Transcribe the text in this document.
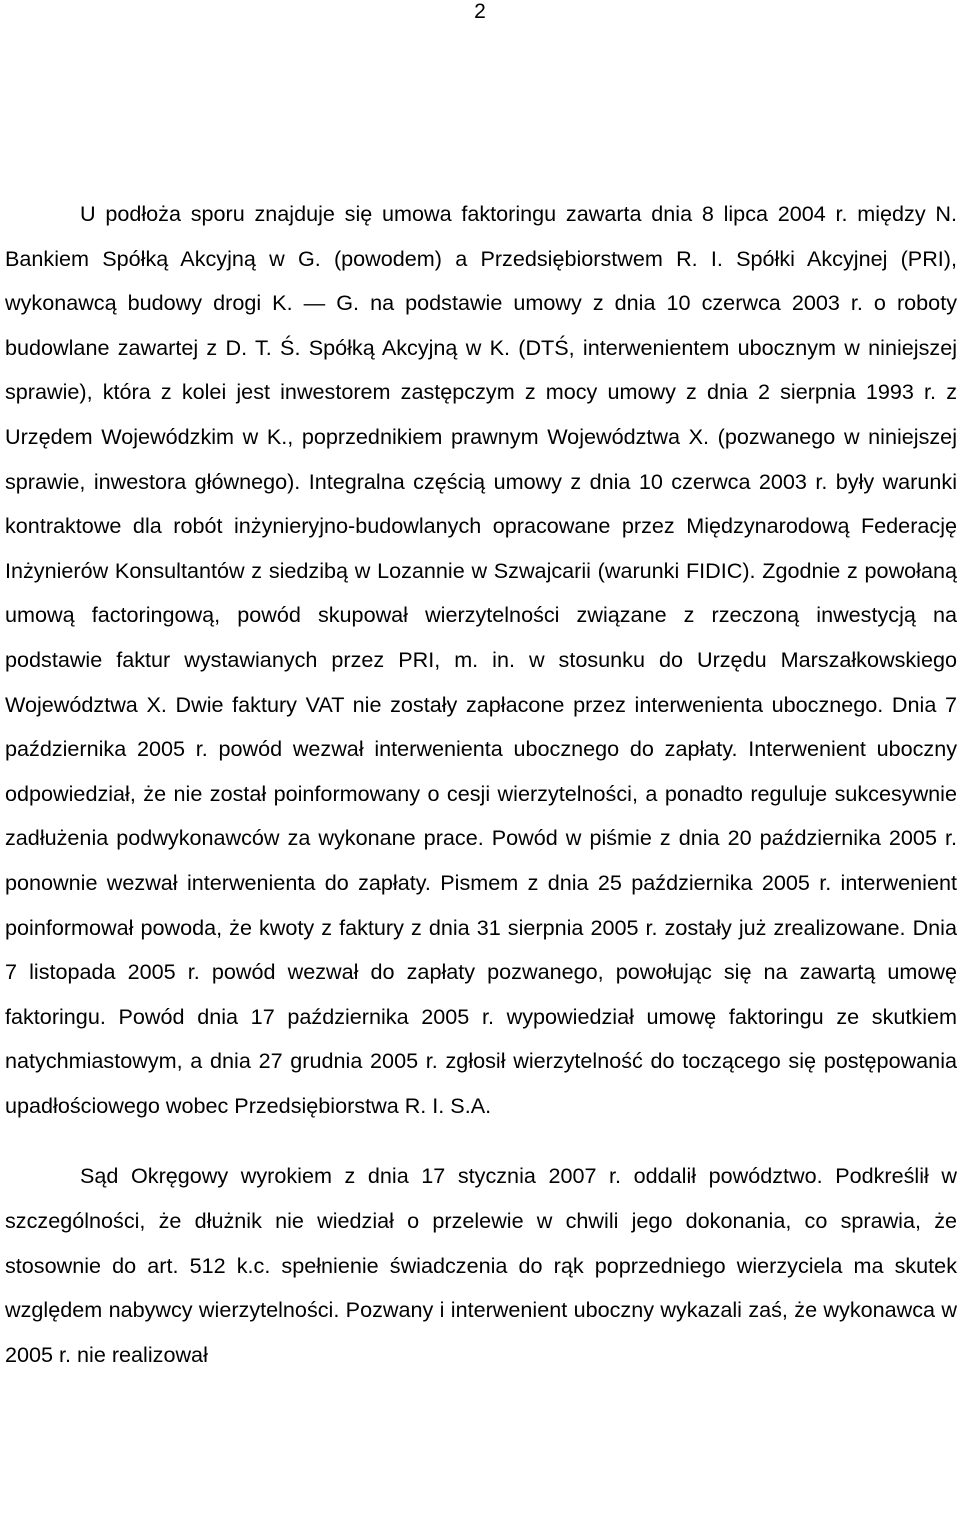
2

U podłoża sporu znajduje się umowa faktoringu zawarta dnia 8 lipca 2004 r. między N. Bankiem Spółką Akcyjną w G. (powodem) a Przedsiębiorstwem R. I. Spółki Akcyjnej (PRI), wykonawcą budowy drogi K. — G. na podstawie umowy z dnia 10 czerwca 2003 r. o roboty budowlane zawartej z D. T. Ś. Spółką Akcyjną w K. (DTŚ, interwenientem ubocznym w niniejszej sprawie), która z kolei jest inwestorem zastępczym z mocy umowy z dnia 2 sierpnia 1993 r. z Urzędem Wojewódzkim w K., poprzednikiem prawnym Województwa X. (pozwanego w niniejszej sprawie, inwestora głównego). Integralna częścią umowy z dnia 10 czerwca 2003 r. były warunki kontraktowe dla robót inżynieryjno-budowlanych opracowane przez Międzynarodową Federację Inżynierów Konsultantów z siedzibą w Lozannie w Szwajcarii (warunki FIDIC). Zgodnie z powołaną umową factoringową, powód skupował wierzytelności związane z rzeczoną inwestycją na podstawie faktur wystawianych przez PRI, m. in. w stosunku do Urzędu Marszałkowskiego Województwa X. Dwie faktury VAT nie zostały zapłacone przez interwenienta ubocznego. Dnia 7 października 2005 r. powód wezwał interwenienta ubocznego do zapłaty. Interwenient uboczny odpowiedział, że nie został poinformowany o cesji wierzytelności, a ponadto reguluje sukcesywnie zadłużenia podwykonawców za wykonane prace. Powód w piśmie z dnia 20 października 2005 r. ponownie wezwał interwenienta do zapłaty. Pismem z dnia 25 października 2005 r. interwenient poinformował powoda, że kwoty z faktury z dnia 31 sierpnia 2005 r. zostały już zrealizowane. Dnia 7 listopada 2005 r. powód wezwał do zapłaty pozwanego, powołując się na zawartą umowę faktoringu. Powód dnia 17 października 2005 r. wypowiedział umowę faktoringu ze skutkiem natychmiastowym, a dnia 27 grudnia 2005 r. zgłosił wierzytelność do toczącego się postępowania upadłościowego wobec Przedsiębiorstwa R. I. S.A.

Sąd Okręgowy wyrokiem z dnia 17 stycznia 2007 r. oddalił powództwo. Podkreślił w szczególności, że dłużnik nie wiedział o przelewie w chwili jego dokonania, co sprawia, że stosownie do art. 512 k.c. spełnienie świadczenia do rąk poprzedniego wierzyciela ma skutek względem nabywcy wierzytelności. Pozwany i interwenient uboczny wykazali zaś, że wykonawca w 2005 r. nie realizował
